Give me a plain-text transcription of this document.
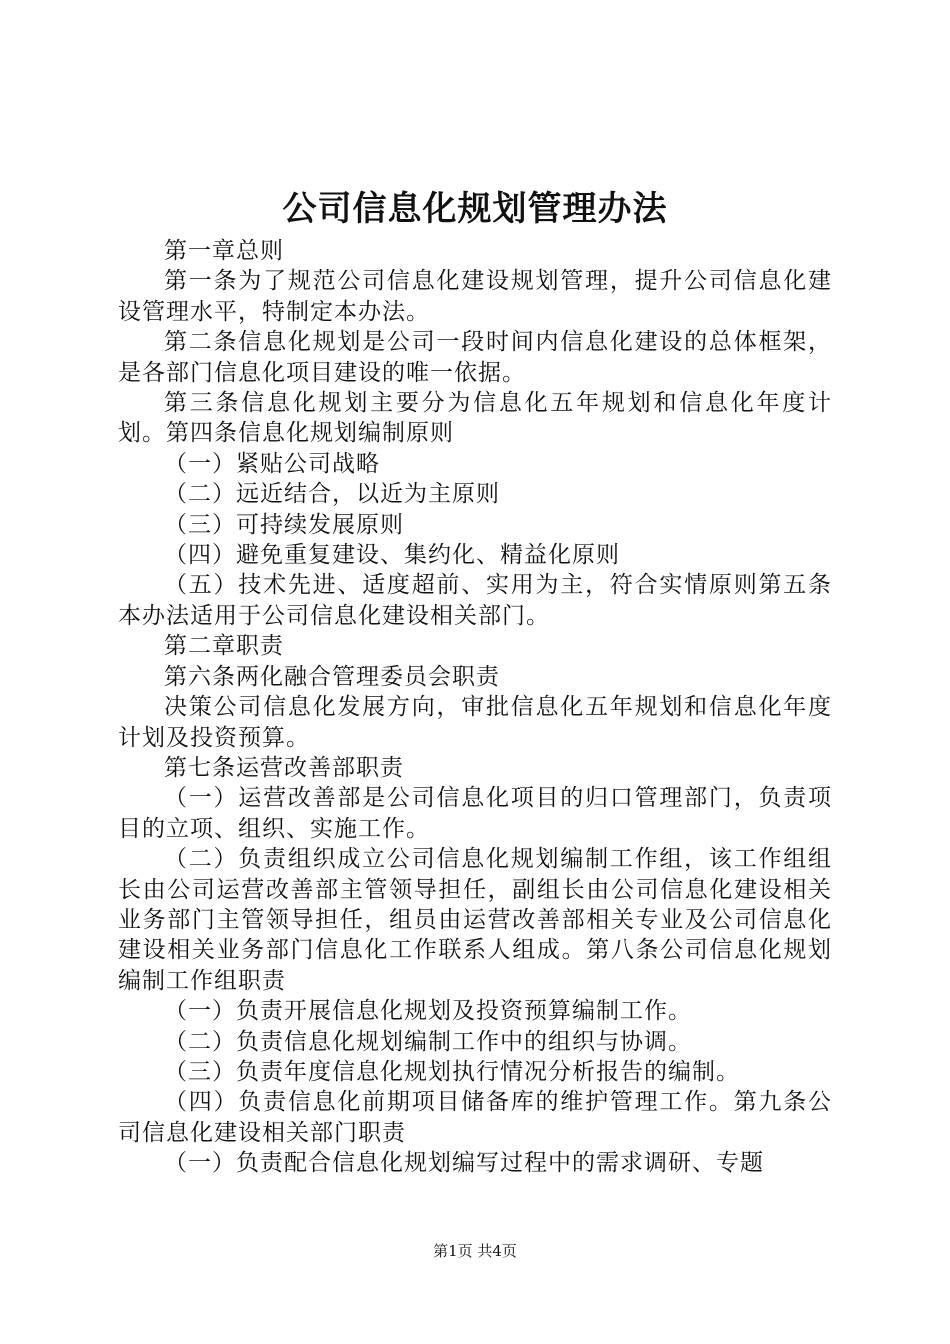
公司信息化规划管理办法

第一章总则

第一条为了规范公司信息化建设规划管理，提升公司信息化建设管理水平，特制定本办法。

第二条信息化规划是公司一段时间内信息化建设的总体框架，是各部门信息化项目建设的唯一依据。

第三条信息化规划主要分为信息化五年规划和信息化年度计划。第四条信息化规划编制原则

（一）紧贴公司战略

（二）远近结合，以近为主原则

（三）可持续发展原则

（四）避免重复建设、集约化、精益化原则

（五）技术先进、适度超前、实用为主，符合实情原则第五条本办法适用于公司信息化建设相关部门。

第二章职责

第六条两化融合管理委员会职责

决策公司信息化发展方向，审批信息化五年规划和信息化年度计划及投资预算。

第七条运营改善部职责

（一）运营改善部是公司信息化项目的归口管理部门，负责项目的立项、组织、实施工作。

（二）负责组织成立公司信息化规划编制工作组，该工作组组长由公司运营改善部主管领导担任，副组长由公司信息化建设相关业务部门主管领导担任，组员由运营改善部相关专业及公司信息化建设相关业务部门信息化工作联系人组成。第八条公司信息化规划编制工作组职责

（一）负责开展信息化规划及投资预算编制工作。

（二）负责信息化规划编制工作中的组织与协调。

（三）负责年度信息化规划执行情况分析报告的编制。

（四）负责信息化前期项目储备库的维护管理工作。第九条公司信息化建设相关部门职责

（一）负责配合信息化规划编写过程中的需求调研、专题

第1页 共4页
